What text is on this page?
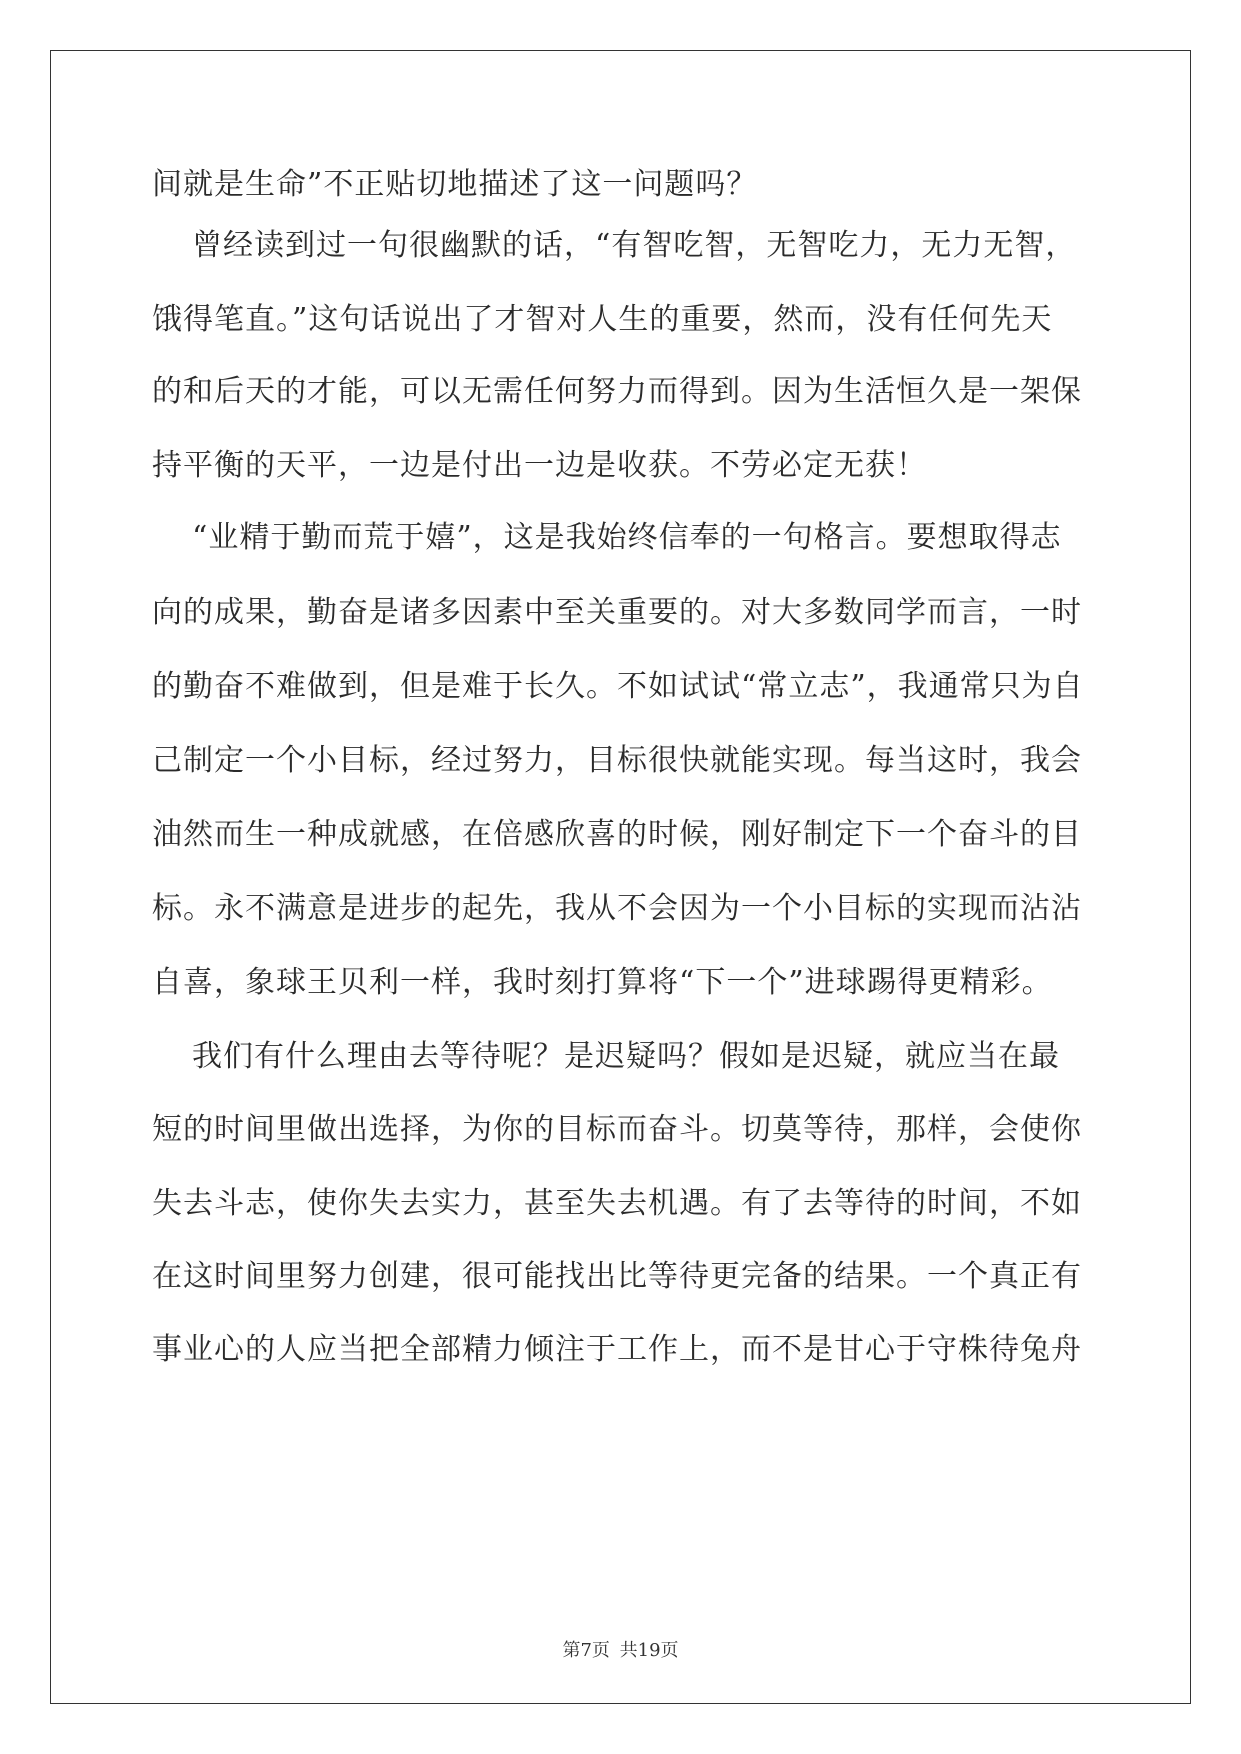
间就是生命”不正贴切地描述了这一问题吗？
曾经读到过一句很幽默的话，“有智吃智，无智吃力，无力无智，
饿得笔直。”这句话说出了才智对人生的重要，然而，没有任何先天
的和后天的才能，可以无需任何努力而得到。因为生活恒久是一架保
持平衡的天平，一边是付出一边是收获。不劳必定无获！
“业精于勤而荒于嬉”，这是我始终信奉的一句格言。要想取得志
向的成果，勤奋是诸多因素中至关重要的。对大多数同学而言，一时
的勤奋不难做到，但是难于长久。不如试试“常立志”，我通常只为自
己制定一个小目标，经过努力，目标很快就能实现。每当这时，我会
油然而生一种成就感，在倍感欣喜的时候，刚好制定下一个奋斗的目
标。永不满意是进步的起先，我从不会因为一个小目标的实现而沾沾
自喜，象球王贝利一样，我时刻打算将“下一个”进球踢得更精彩。
我们有什么理由去等待呢？是迟疑吗？假如是迟疑，就应当在最
短的时间里做出选择，为你的目标而奋斗。切莫等待，那样，会使你
失去斗志，使你失去实力，甚至失去机遇。有了去等待的时间，不如
在这时间里努力创建，很可能找出比等待更完备的结果。一个真正有
事业心的人应当把全部精力倾注于工作上，而不是甘心于守株待兔舟
第7页 共19页
